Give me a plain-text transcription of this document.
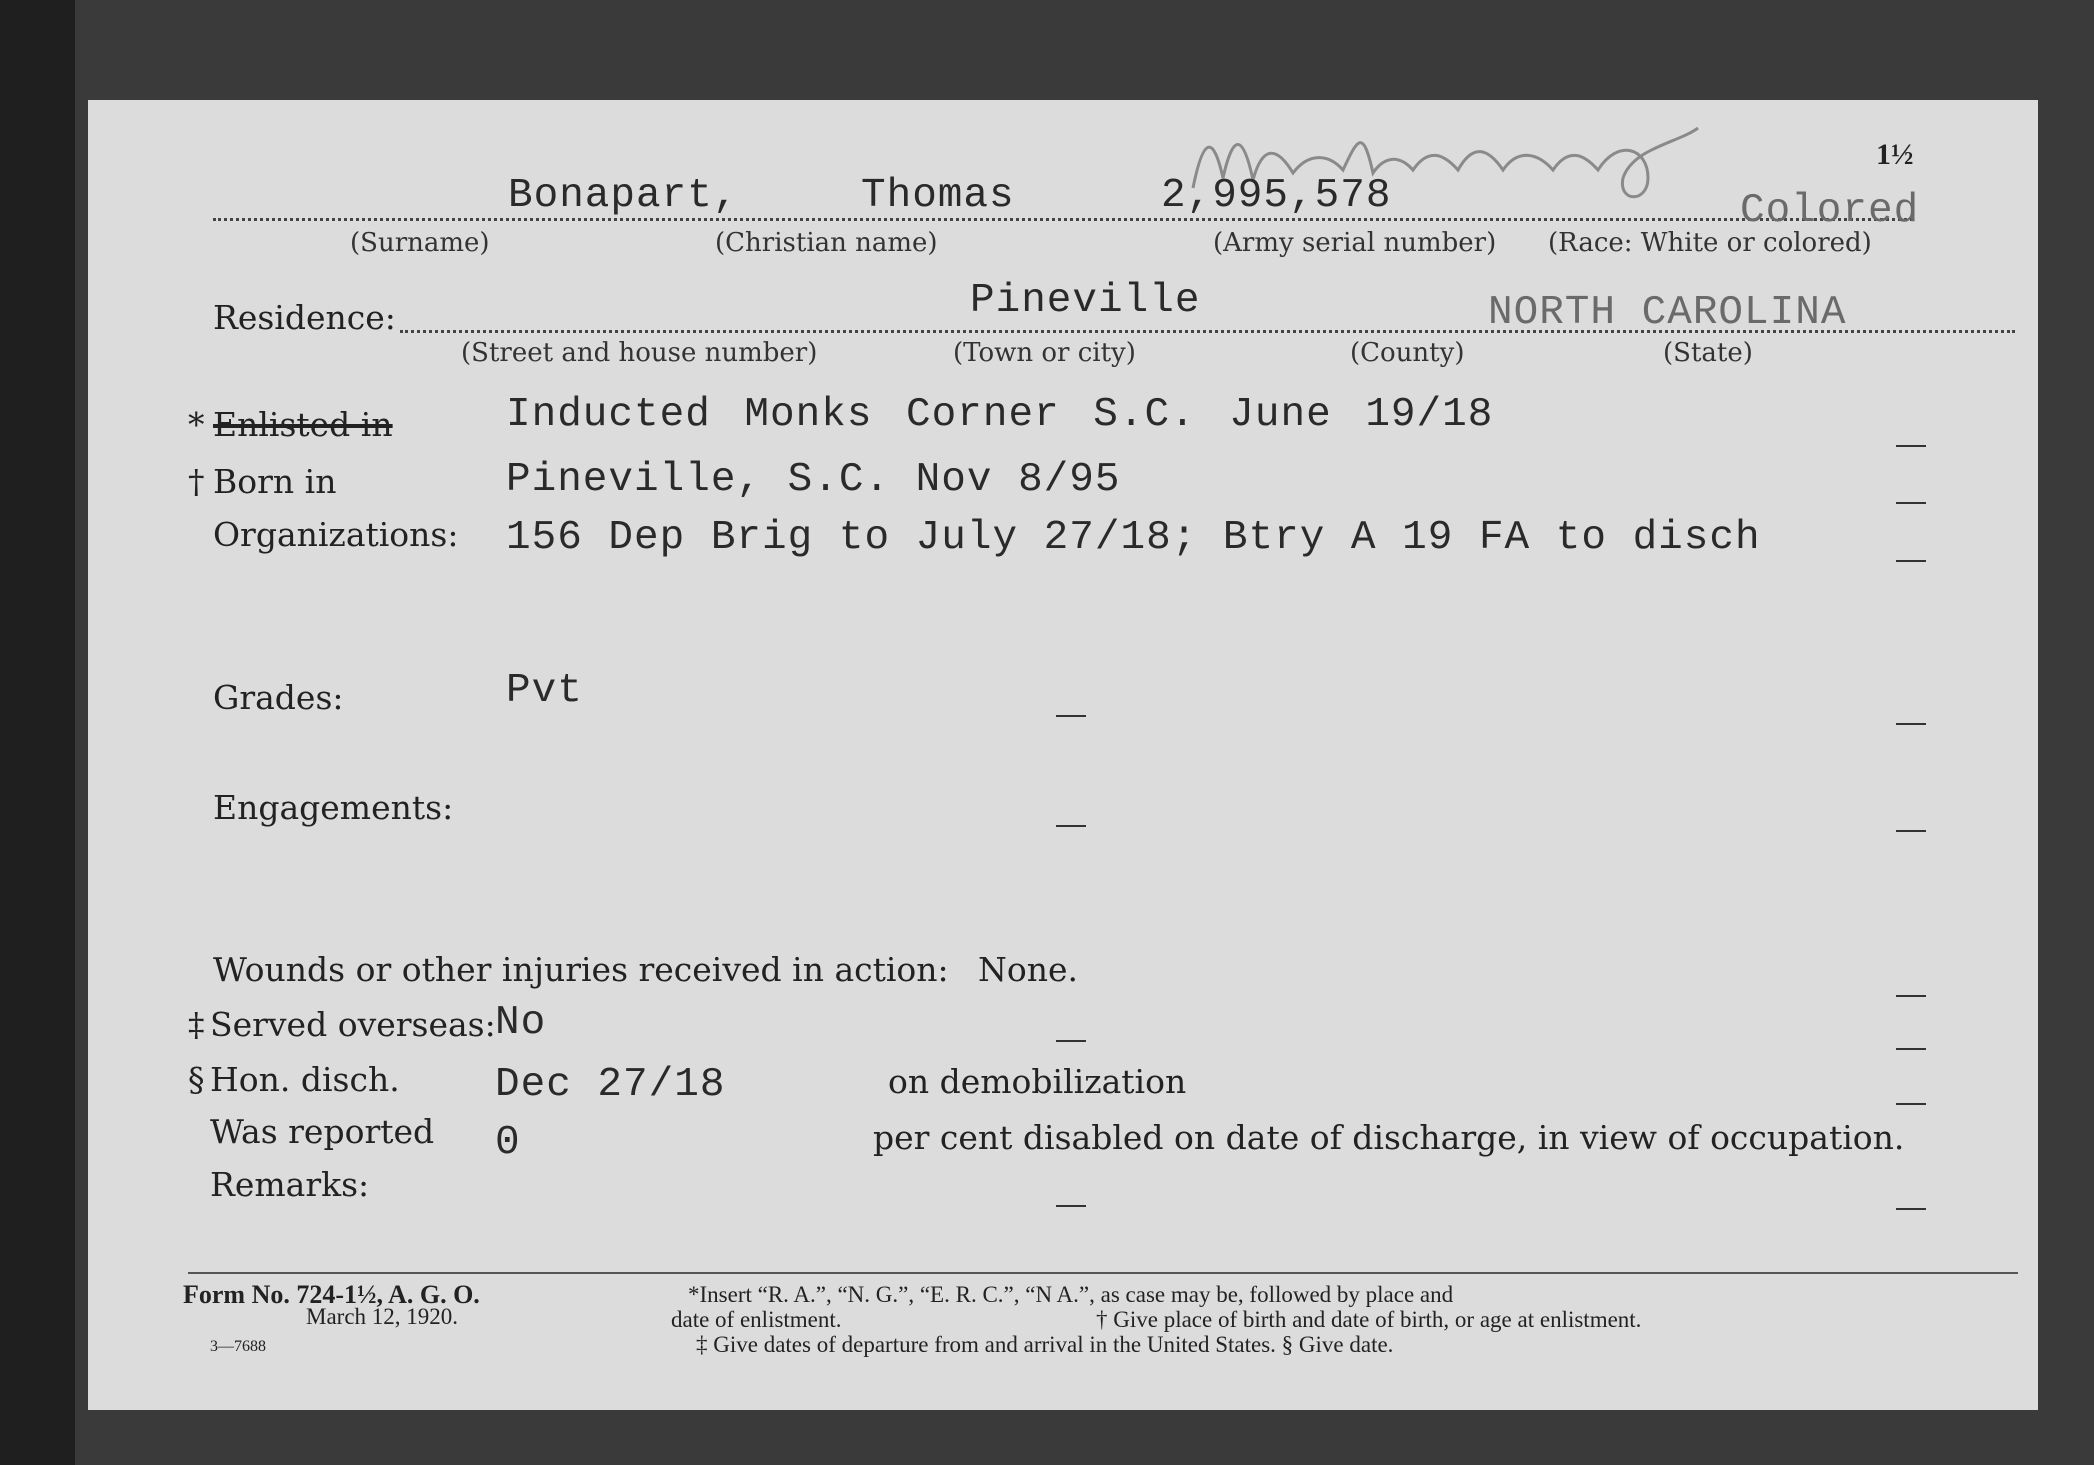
1½
Bonapart,	Thomas	2,995,578	Colored
(Surname)	(Christian name)	(Army serial number) (Race: White or colored)
Residence:	Pineville	NORTH CAROLINA
(Street and house number)	(Town or city)	(County)	(State)
* Enlisted in	Inducted Monks Corner S.C. June 19/18
† Born in	Pineville, S.C. Nov 8/95
Organizations: 156 Dep Brig to July 27/18; Btry A 19 FA to disch
Grades:	Pvt
Engagements:
Wounds or other injuries received in action: None.
‡ Served overseas: No
§ Hon. disch. Dec 27/18	on demobilization
Was reported 0	per cent disabled on date of discharge, in view of occupation.
Remarks:
Form No. 724-1½, A. G. O.
March 12, 1920.
3—7688
*Insert “R. A.”, “N. G.”, “E. R. C.”, “N A.”, as case may be, followed by place and
date of enlistment.	† Give place of birth and date of birth, or age at enlistment.
‡ Give dates of departure from and arrival in the United States. § Give date.
